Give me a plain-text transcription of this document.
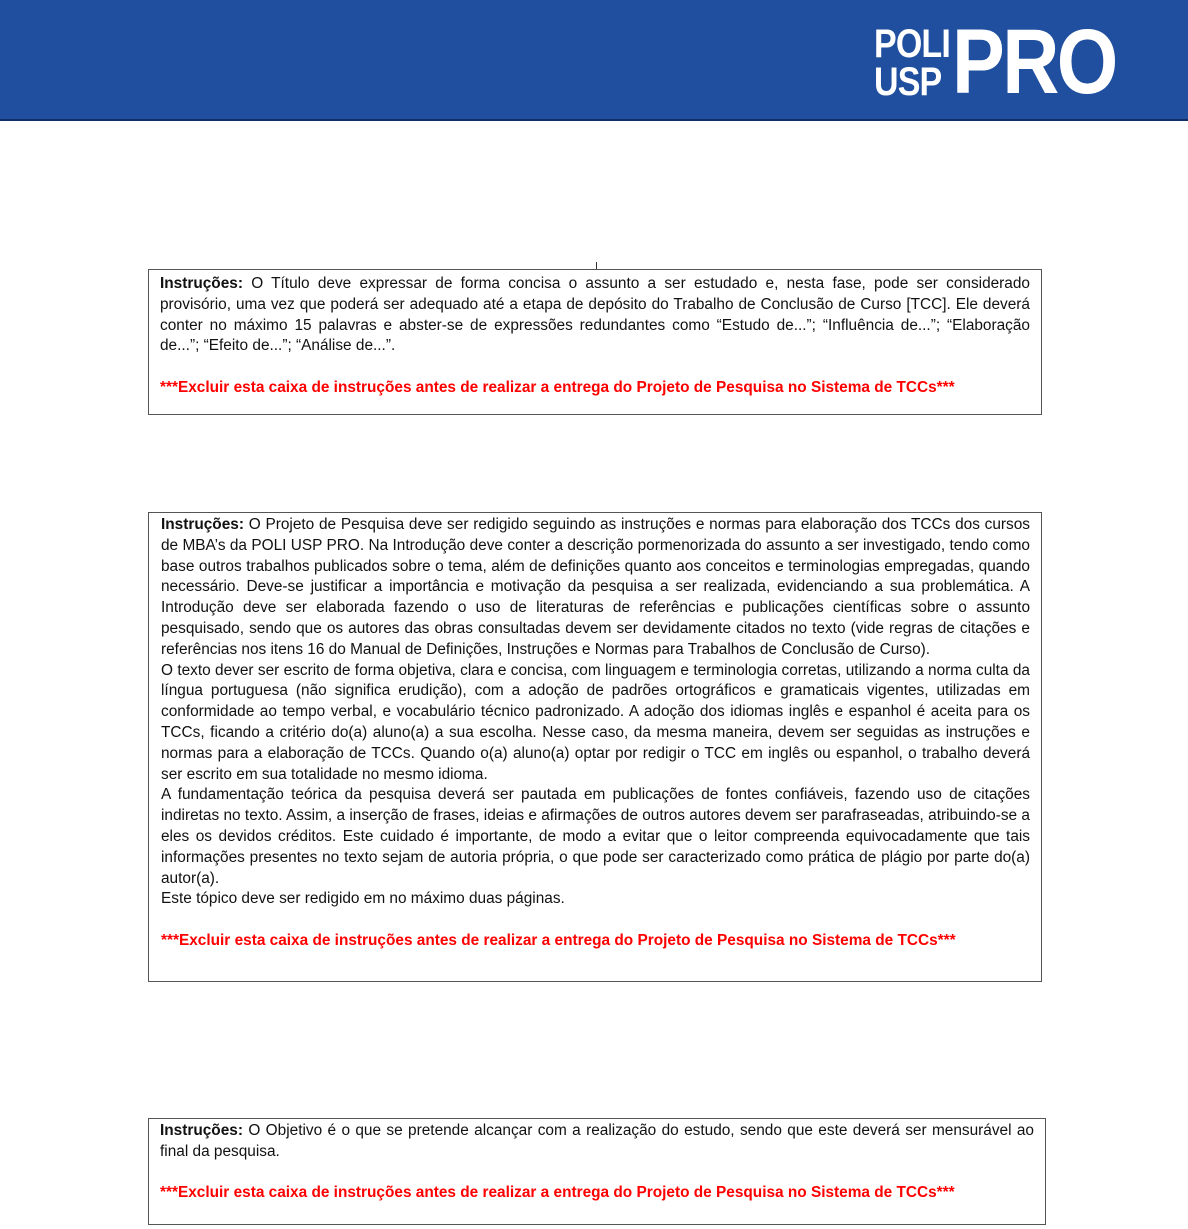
POLI
USP PRO

Instruções: O Título deve expressar de forma concisa o assunto a ser estudado e, nesta fase, pode ser considerado provisório, uma vez que poderá ser adequado até a etapa de depósito do Trabalho de Conclusão de Curso [TCC]. Ele deverá conter no máximo 15 palavras e abster-se de expressões redundantes como “Estudo de...”; “Influência de...”; “Elaboração de...”; “Efeito de...”; “Análise de...”.

***Excluir esta caixa de instruções antes de realizar a entrega do Projeto de Pesquisa no Sistema de TCCs***

Instruções: O Projeto de Pesquisa deve ser redigido seguindo as instruções e normas para elaboração dos TCCs dos cursos de MBA’s da POLI USP PRO. Na Introdução deve conter a descrição pormenorizada do assunto a ser investigado, tendo como base outros trabalhos publicados sobre o tema, além de definições quanto aos conceitos e terminologias empregadas, quando necessário. Deve-se justificar a importância e motivação da pesquisa a ser realizada, evidenciando a sua problemática. A Introdução deve ser elaborada fazendo o uso de literaturas de referências e publicações científicas sobre o assunto pesquisado, sendo que os autores das obras consultadas devem ser devidamente citados no texto (vide regras de citações e referências nos itens 16 do Manual de Definições, Instruções e Normas para Trabalhos de Conclusão de Curso).

O texto dever ser escrito de forma objetiva, clara e concisa, com linguagem e terminologia corretas, utilizando a norma culta da língua portuguesa (não significa erudição), com a adoção de padrões ortográficos e gramaticais vigentes, utilizadas em conformidade ao tempo verbal, e vocabulário técnico padronizado. A adoção dos idiomas inglês e espanhol é aceita para os TCCs, ficando a critério do(a) aluno(a) a sua escolha. Nesse caso, da mesma maneira, devem ser seguidas as instruções e normas para a elaboração de TCCs. Quando o(a) aluno(a) optar por redigir o TCC em inglês ou espanhol, o trabalho deverá ser escrito em sua totalidade no mesmo idioma.

A fundamentação teórica da pesquisa deverá ser pautada em publicações de fontes confiáveis, fazendo uso de citações indiretas no texto. Assim, a inserção de frases, ideias e afirmações de outros autores devem ser parafraseadas, atribuindo-se a eles os devidos créditos. Este cuidado é importante, de modo a evitar que o leitor compreenda equivocadamente que tais informações presentes no texto sejam de autoria própria, o que pode ser caracterizado como prática de plágio por parte do(a) autor(a).

Este tópico deve ser redigido em no máximo duas páginas.

***Excluir esta caixa de instruções antes de realizar a entrega do Projeto de Pesquisa no Sistema de TCCs***

Instruções: O Objetivo é o que se pretende alcançar com a realização do estudo, sendo que este deverá ser mensurável ao final da pesquisa.

***Excluir esta caixa de instruções antes de realizar a entrega do Projeto de Pesquisa no Sistema de TCCs***
